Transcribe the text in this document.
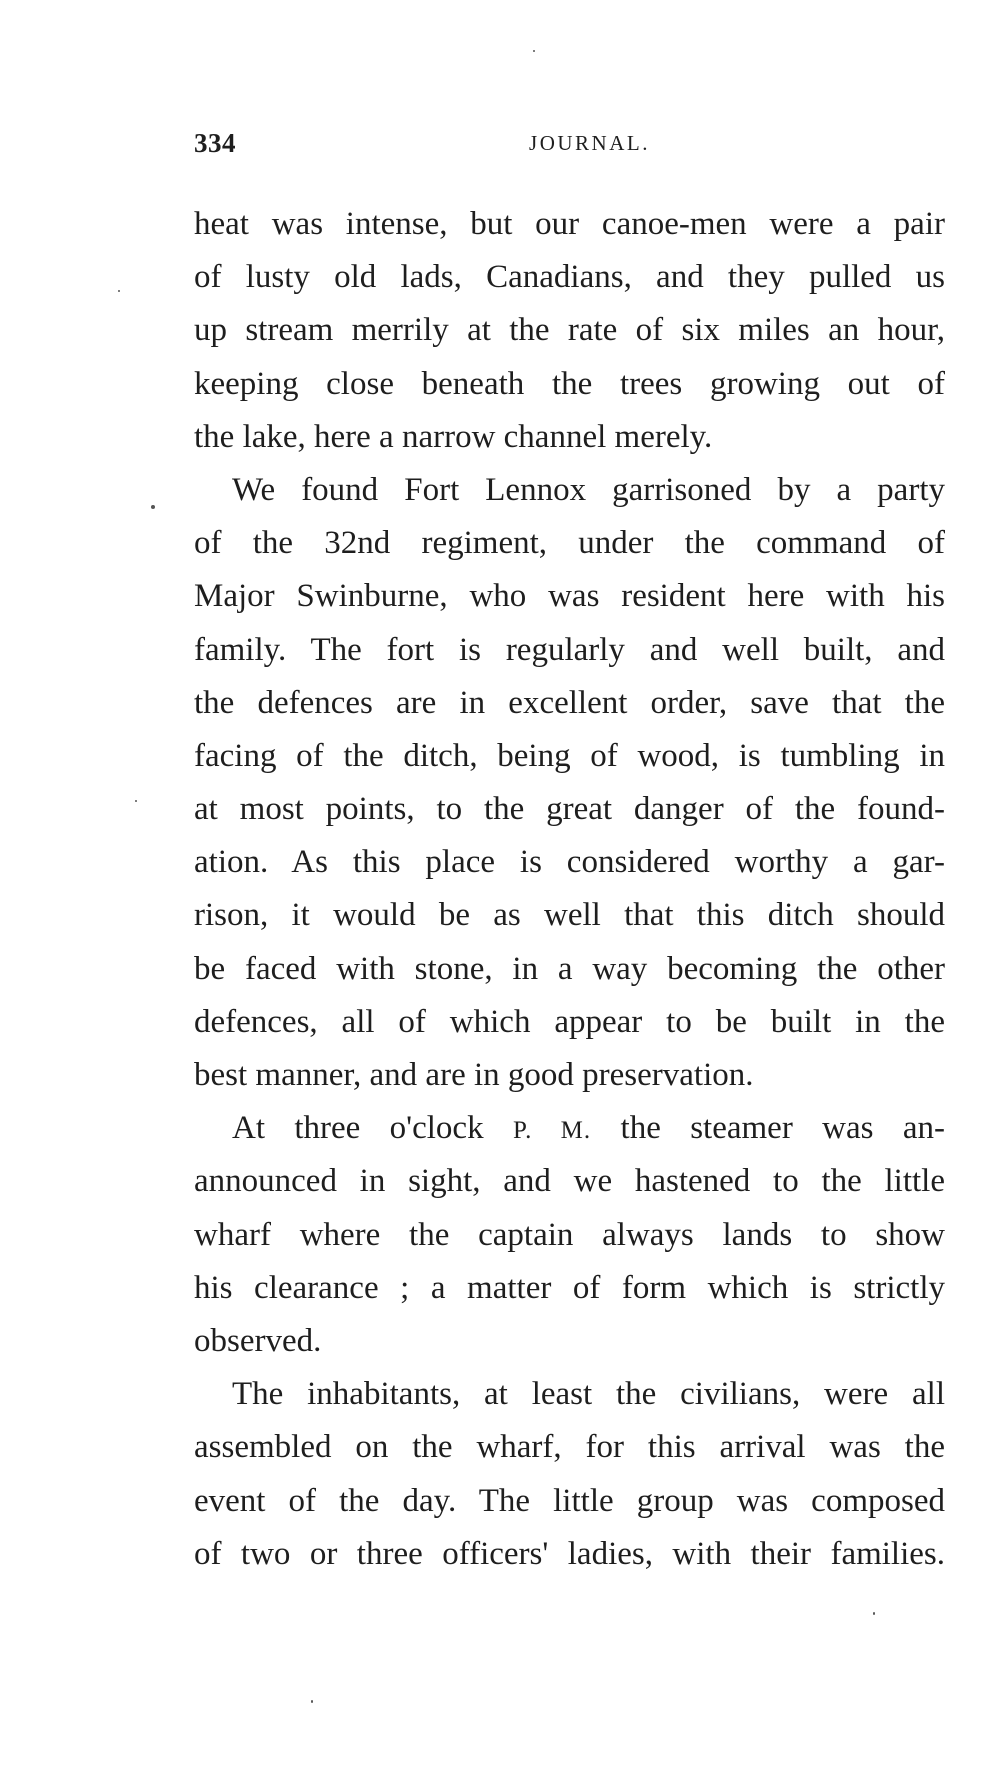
334	JOURNAL.
heat was intense, but our canoe-men were a pair
of lusty old lads, Canadians, and they pulled us
up stream merrily at the rate of six miles an hour,
keeping close beneath the trees growing out of
the lake, here a narrow channel merely.
We found Fort Lennox garrisoned by a party
of the 32nd regiment, under the command of
Major Swinburne, who was resident here with his
family. The fort is regularly and well built, and
the defences are in excellent order, save that the
facing of the ditch, being of wood, is tumbling in
at most points, to the great danger of the found-
ation. As this place is considered worthy a gar-
rison, it would be as well that this ditch should
be faced with stone, in a way becoming the other
defences, all of which appear to be built in the
best manner, and are in good preservation.
At three o'clock P. M. the steamer was an-
announced in sight, and we hastened to the little
wharf where the captain always lands to show
his clearance ; a matter of form which is strictly
observed.
The inhabitants, at least the civilians, were all
assembled on the wharf, for this arrival was the
event of the day. The little group was composed
of two or three officers' ladies, with their families.
